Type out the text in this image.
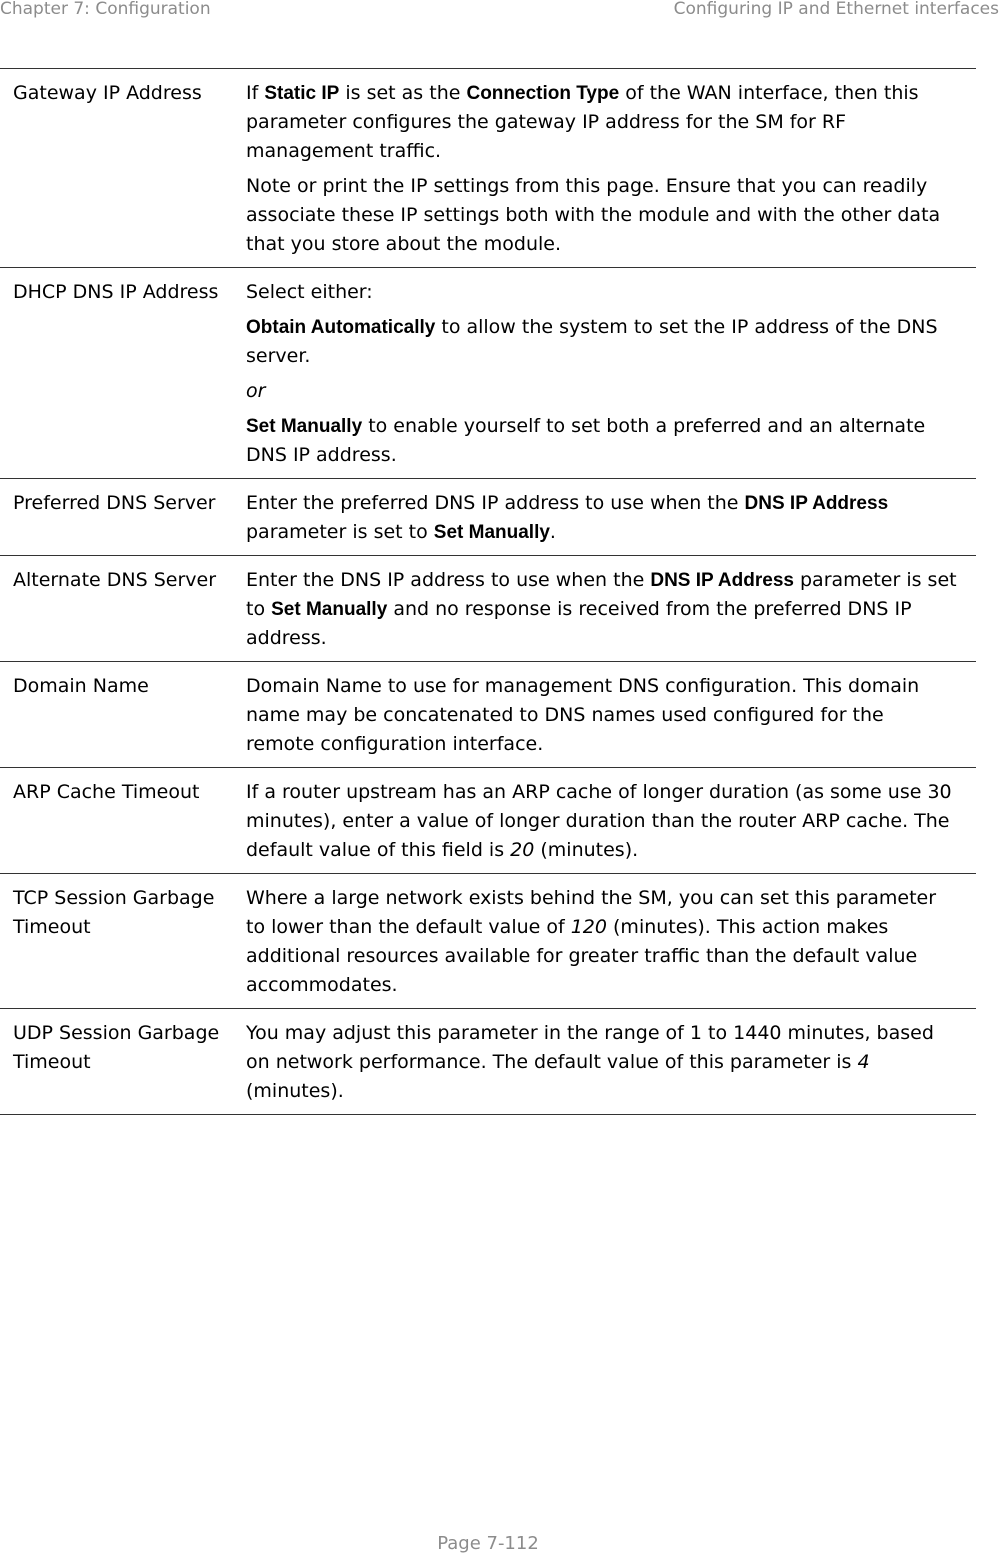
Chapter 7: Configuration	Configuring IP and Ethernet interfaces
Gateway IP Address	If Static IP is set as the Connection Type of the WAN interface, then this parameter configures the gateway IP address for the SM for RF management traffic.
Note or print the IP settings from this page. Ensure that you can readily associate these IP settings both with the module and with the other data that you store about the module.

DHCP DNS IP Address	Select either:
Obtain Automatically to allow the system to set the IP address of the DNS server.
or
Set Manually to enable yourself to set both a preferred and an alternate DNS IP address.

Preferred DNS Server	Enter the preferred DNS IP address to use when the DNS IP Address parameter is set to Set Manually.

Alternate DNS Server	Enter the DNS IP address to use when the DNS IP Address parameter is set to Set Manually and no response is received from the preferred DNS IP address.

Domain Name	Domain Name to use for management DNS configuration. This domain name may be concatenated to DNS names used configured for the remote configuration interface.

ARP Cache Timeout	If a router upstream has an ARP cache of longer duration (as some use 30 minutes), enter a value of longer duration than the router ARP cache. The default value of this field is 20 (minutes).

TCP Session Garbage Timeout	Where a large network exists behind the SM, you can set this parameter to lower than the default value of 120 (minutes). This action makes additional resources available for greater traffic than the default value accommodates.

UDP Session Garbage Timeout	You may adjust this parameter in the range of 1 to 1440 minutes, based on network performance. The default value of this parameter is 4 (minutes).
Page 7-112
